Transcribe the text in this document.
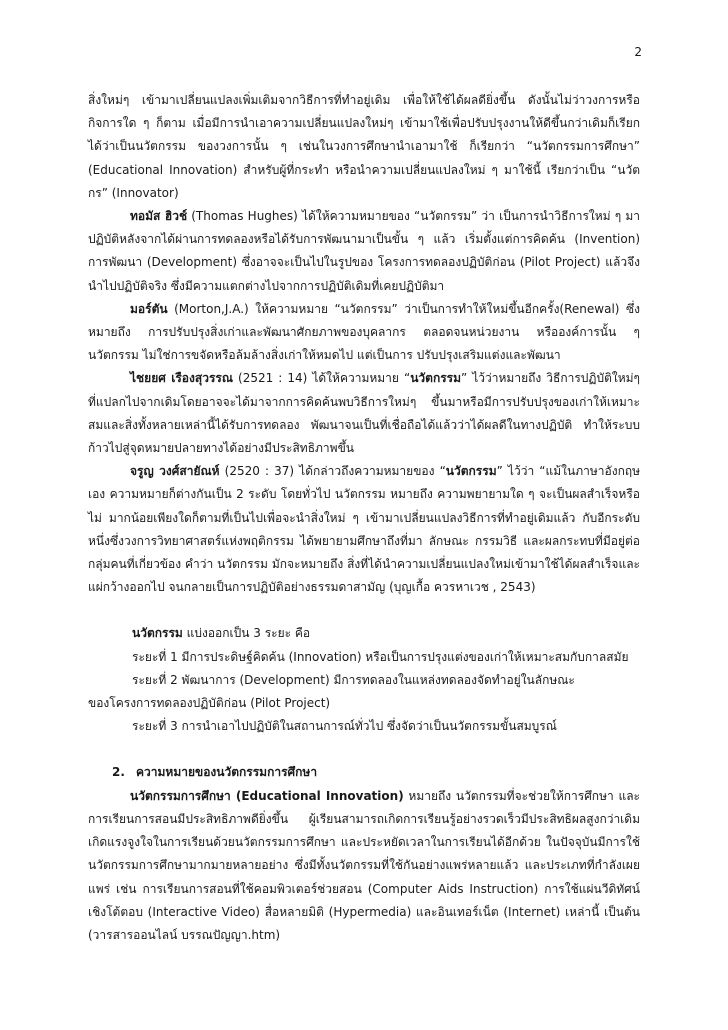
2

สิ่งใหม่ๆ เข้ามาเปลี่ยนแปลงเพิ่มเติมจากวิธีการที่ทำอยู่เดิม เพื่อให้ใช้ได้ผลดียิ่งขึ้น ดังนั้นไม่ว่าวงการหรือกิจการใด ๆ ก็ตาม เมื่อมีการนำเอาความเปลี่ยนแปลงใหม่ๆ เข้ามาใช้เพื่อปรับปรุงงานให้ดีขึ้นกว่าเดิมก็เรียกได้ว่าเป็นนวัตกรรม ของวงการนั้น ๆ เช่นในวงการศึกษานำเอามาใช้ ก็เรียกว่า “นวัตกรรมการศึกษา” (Educational Innovation) สำหรับผู้ที่กระทำ หรือนำความเปลี่ยนแปลงใหม่ ๆ มาใช้นี้ เรียกว่าเป็น “นวัตกร” (Innovator)

ทอมัส ฮิวช์ (Thomas Hughes) ได้ให้ความหมายของ “นวัตกรรม” ว่า เป็นการนำวิธีการใหม่ ๆ มาปฏิบัติหลังจากได้ผ่านการทดลองหรือได้รับการพัฒนามาเป็นขั้น ๆ แล้ว เริ่มตั้งแต่การคิดค้น (Invention) การพัฒนา (Development) ซึ่งอาจจะเป็นไปในรูปของ โครงการทดลองปฏิบัติก่อน (Pilot Project) แล้วจึงนำไปปฏิบัติจริง ซึ่งมีความแตกต่างไปจากการปฏิบัติเดิมที่เคยปฏิบัติมา

มอร์ตัน (Morton,J.A.) ให้ความหมาย “นวัตกรรม” ว่าเป็นการทำให้ใหม่ขึ้นอีกครั้ง(Renewal) ซึ่งหมายถึง การปรับปรุงสิ่งเก่าและพัฒนาศักยภาพของบุคลากร ตลอดจนหน่วยงาน หรือองค์การนั้น ๆ นวัตกรรม ไม่ใช่การขจัดหรือล้มล้างสิ่งเก่าให้หมดไป แต่เป็นการ ปรับปรุงเสริมแต่งและพัฒนา

ไชยยศ เรืองสุวรรณ (2521 : 14) ได้ให้ความหมาย “นวัตกรรม” ไว้ว่าหมายถึง วิธีการปฏิบัติใหม่ๆ ที่แปลกไปจากเดิมโดยอาจจะได้มาจากการคิดค้นพบวิธีการใหม่ๆ ขึ้นมาหรือมีการปรับปรุงของเก่าให้เหมาะสมและสิ่งทั้งหลายเหล่านี้ได้รับการทดลอง พัฒนาจนเป็นที่เชื่อถือได้แล้วว่าได้ผลดีในทางปฏิบัติ ทำให้ระบบก้าวไปสู่จุดหมายปลายทางได้อย่างมีประสิทธิภาพขึ้น

จรูญ วงศ์สายัณห์ (2520 : 37) ได้กล่าวถึงความหมายของ “นวัตกรรม” ไว้ว่า “แม้ในภาษาอังกฤษเอง ความหมายก็ต่างกันเป็น 2 ระดับ โดยทั่วไป นวัตกรรม หมายถึง ความพยายามใด ๆ จะเป็นผลสำเร็จหรือไม่ มากน้อยเพียงใดก็ตามที่เป็นไปเพื่อจะนำสิ่งใหม่ ๆ เข้ามาเปลี่ยนแปลงวิธีการที่ทำอยู่เดิมแล้ว กับอีกระดับหนึ่งซึ่งวงการวิทยาศาสตร์แห่งพฤติกรรม ได้พยายามศึกษาถึงที่มา ลักษณะ กรรมวิธี และผลกระทบที่มีอยู่ต่อกลุ่มคนที่เกี่ยวข้อง คำว่า นวัตกรรม มักจะหมายถึง สิ่งที่ได้นำความเปลี่ยนแปลงใหม่เข้ามาใช้ได้ผลสำเร็จและแผ่กว้างออกไป จนกลายเป็นการปฏิบัติอย่างธรรมดาสามัญ (บุญเกื้อ ควรหาเวช , 2543)

นวัตกรรม แบ่งออกเป็น 3 ระยะ คือ
ระยะที่ 1 มีการประดิษฐ์คิดค้น (Innovation) หรือเป็นการปรุงแต่งของเก่าให้เหมาะสมกับกาลสมัย
ระยะที่ 2 พัฒนาการ (Development) มีการทดลองในแหล่งทดลองจัดทำอยู่ในลักษณะ
ของโครงการทดลองปฏิบัติก่อน (Pilot Project)
ระยะที่ 3 การนำเอาไปปฏิบัติในสถานการณ์ทั่วไป ซึ่งจัดว่าเป็นนวัตกรรมขั้นสมบูรณ์
2. ความหมายของนวัตกรรมการศึกษา

นวัตกรรมการศึกษา (Educational Innovation) หมายถึง นวัตกรรมที่จะช่วยให้การศึกษา และการเรียนการสอนมีประสิทธิภาพดียิ่งขึ้น ผู้เรียนสามารถเกิดการเรียนรู้อย่างรวดเร็วมีประสิทธิผลสูงกว่าเดิม เกิดแรงจูงใจในการเรียนด้วยนวัตกรรมการศึกษา และประหยัดเวลาในการเรียนได้อีกด้วย ในปัจจุบันมีการใช้นวัตกรรมการศึกษามากมายหลายอย่าง ซึ่งมีทั้งนวัตกรรมที่ใช้กันอย่างแพร่หลายแล้ว และประเภทที่กำลังเผยแพร่ เช่น การเรียนการสอนที่ใช้คอมพิวเตอร์ช่วยสอน (Computer Aids Instruction) การใช้แผ่นวีดิทัศน์เชิงโต้ตอบ (Interactive Video) สื่อหลายมิติ (Hypermedia) และอินเทอร์เน็ต (Internet) เหล่านี้ เป็นต้น (วารสารออนไลน์ บรรณปัญญา.htm)
